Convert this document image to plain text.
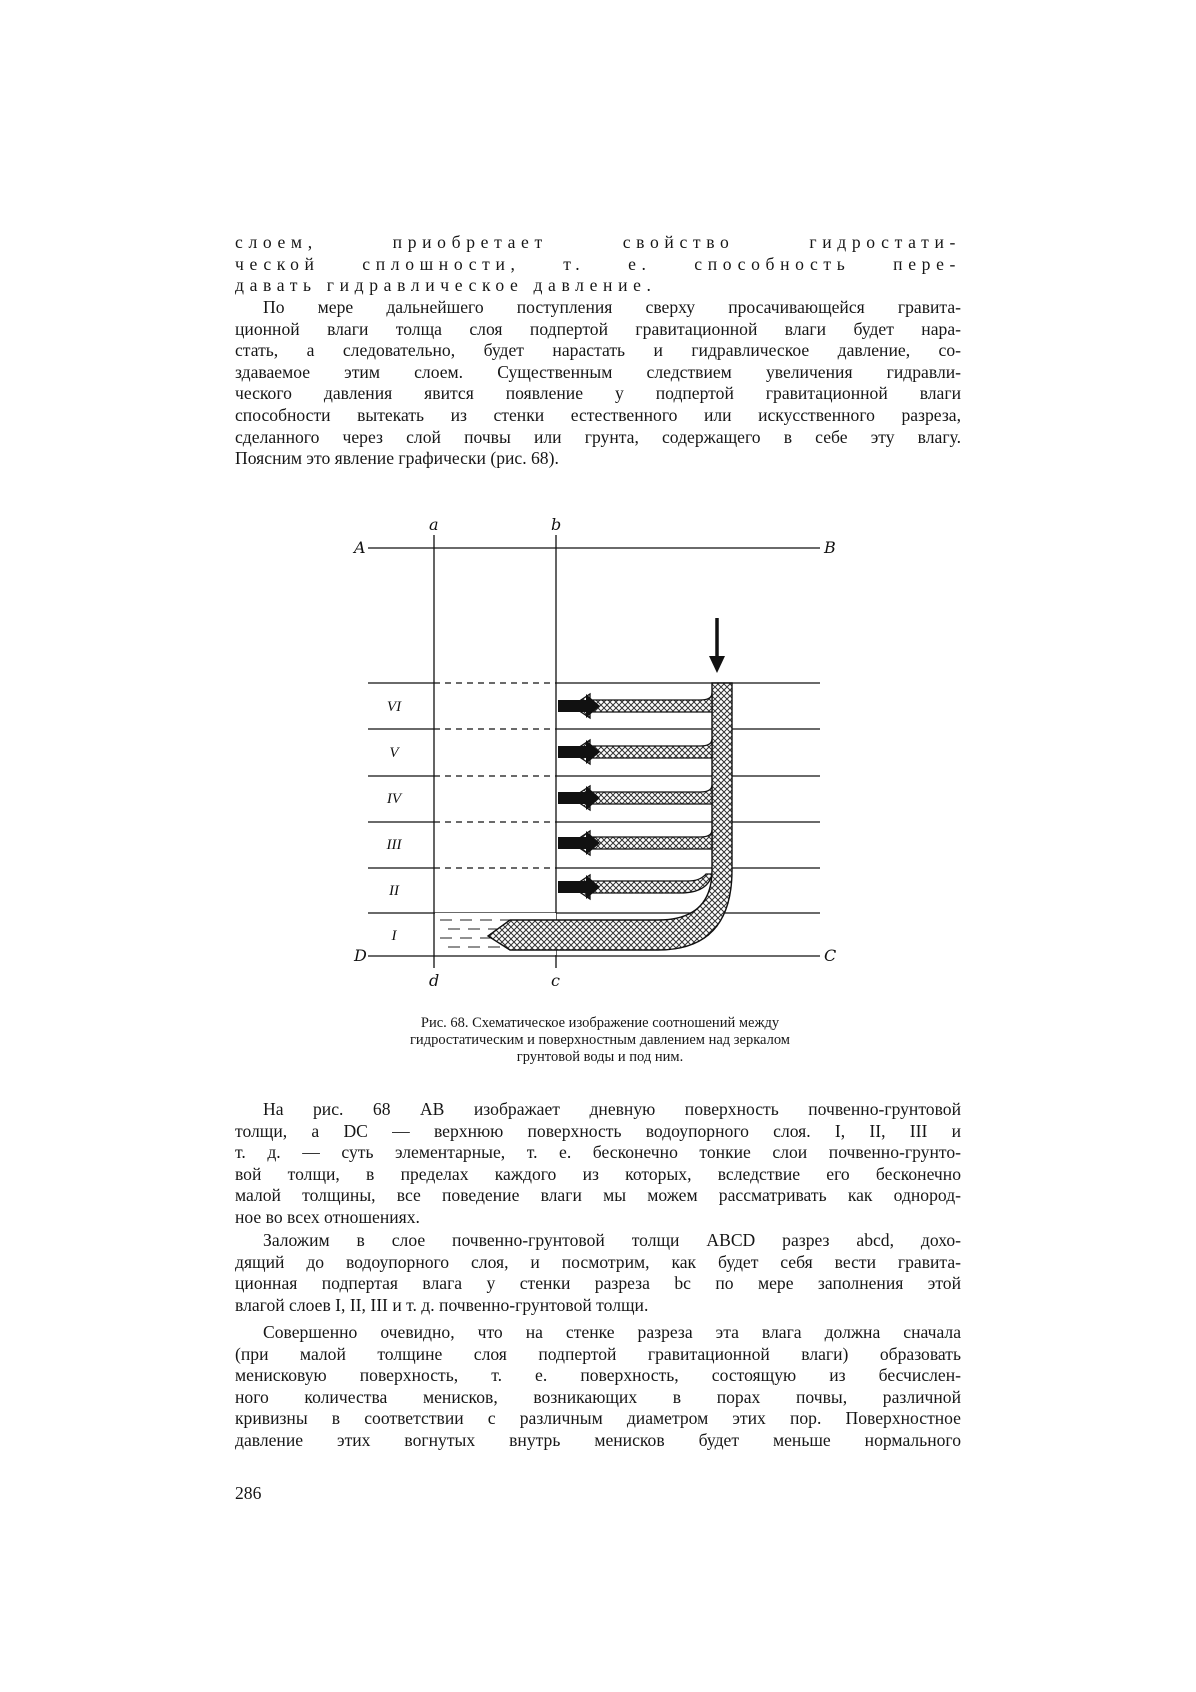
слоем, приобретает свойство гидростати-
ческой сплошности, т. е. способность пере-
давать гидравлическое давление.
По мере дальнейшего поступления сверху просачивающейся гравита-
ционной влаги толща слоя подпертой гравитационной влаги будет нара-
стать, а следовательно, будет нарастать и гидравлическое давление, со-
здаваемое этим слоем. Существенным следствием увеличения гидравли-
ческого давления явится появление у подпертой гравитационной влаги
способности вытекать из стенки естественного или искусственного разреза,
сделанного через слой почвы или грунта, содержащего в себе эту влагу.
Поясним это явление графически (рис. 68).
A	B
a	b
C
D
d	c
VI
V
IV
III
II
I
Рис. 68. Схематическое изображение соотношений между
гидростатическим и поверхностным давлением над зеркалом
грунтовой воды и под ним.
На рис. 68 AB изображает дневную поверхность почвенно-грунтовой
толщи, а DC — верхнюю поверхность водоупорного слоя. I, II, III и
т. д. — суть элементарные, т. е. бесконечно тонкие слои почвенно-грунто-
вой толщи, в пределах каждого из которых, вследствие его бесконечно
малой толщины, все поведение влаги мы можем рассматривать как однород-
ное во всех отношениях.
Заложим в слое почвенно-грунтовой толщи ABCD разрез abcd, дохо-
дящий до водоупорного слоя, и посмотрим, как будет себя вести гравита-
ционная подпертая влага у стенки разреза bc по мере заполнения этой
влагой слоев I, II, III и т. д. почвенно-грунтовой толщи.
Совершенно очевидно, что на стенке разреза эта влага должна сначала
(при малой толщине слоя подпертой гравитационной влаги) образовать
менисковую поверхность, т. е. поверхность, состоящую из бесчислен-
ного количества менисков, возникающих в порах почвы, различной
кривизны в соответствии с различным диаметром этих пор. Поверхностное
давление этих вогнутых внутрь менисков будет меньше нормального
286
